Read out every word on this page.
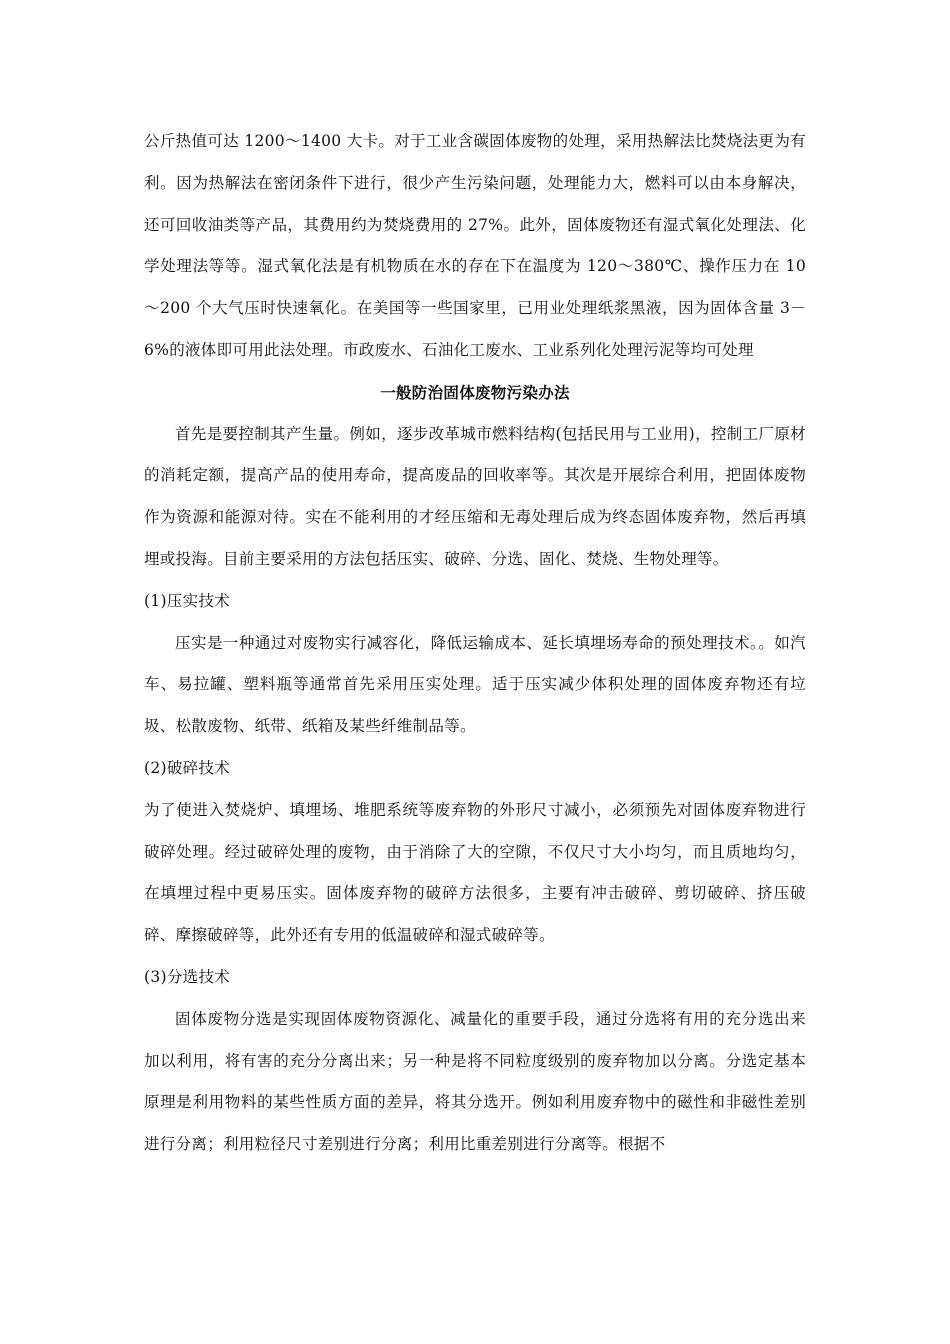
公斤热值可达 1200～1400 大卡。对于工业含碳固体废物的处理，采用热解法比焚烧法更为有利。因为热解法在密闭条件下进行，很少产生污染问题，处理能力大，燃料可以由本身解决，还可回收油类等产品，其费用约为焚烧费用的 27%。此外，固体废物还有湿式氧化处理法、化学处理法等等。湿式氧化法是有机物质在水的存在下在温度为 120～380℃、操作压力在 10～200 个大气压时快速氧化。在美国等一些国家里，已用业处理纸浆黑液，因为固体含量 3－6%的液体即可用此法处理。市政废水、石油化工废水、工业系列化处理污泥等均可处理

一般防治固体废物污染办法

首先是要控制其产生量。例如，逐步改革城市燃料结构(包括民用与工业用)，控制工厂原材的消耗定额，提高产品的使用寿命，提高废品的回收率等。其次是开展综合利用，把固体废物作为资源和能源对待。实在不能利用的才经压缩和无毒处理后成为终态固体废弃物，然后再填埋或投海。目前主要采用的方法包括压实、破碎、分选、固化、焚烧、生物处理等。

(1)压实技术

压实是一种通过对废物实行减容化，降低运输成本、延长填埋场寿命的预处理技术。。如汽车、易拉罐、塑料瓶等通常首先采用压实处理。适于压实减少体积处理的固体废弃物还有垃圾、松散废物、纸带、纸箱及某些纤维制品等。

(2)破碎技术

为了使进入焚烧炉、填埋场、堆肥系统等废弃物的外形尺寸减小，必须预先对固体废弃物进行破碎处理。经过破碎处理的废物，由于消除了大的空隙，不仅尺寸大小均匀，而且质地均匀，在填埋过程中更易压实。固体废弃物的破碎方法很多，主要有冲击破碎、剪切破碎、挤压破碎、摩擦破碎等，此外还有专用的低温破碎和湿式破碎等。

(3)分选技术

固体废物分选是实现固体废物资源化、减量化的重要手段，通过分选将有用的充分选出来加以利用，将有害的充分分离出来；另一种是将不同粒度级别的废弃物加以分离。分选定基本原理是利用物料的某些性质方面的差异，将其分选开。例如利用废弃物中的磁性和非磁性差别进行分离；利用粒径尺寸差别进行分离；利用比重差别进行分离等。根据不
